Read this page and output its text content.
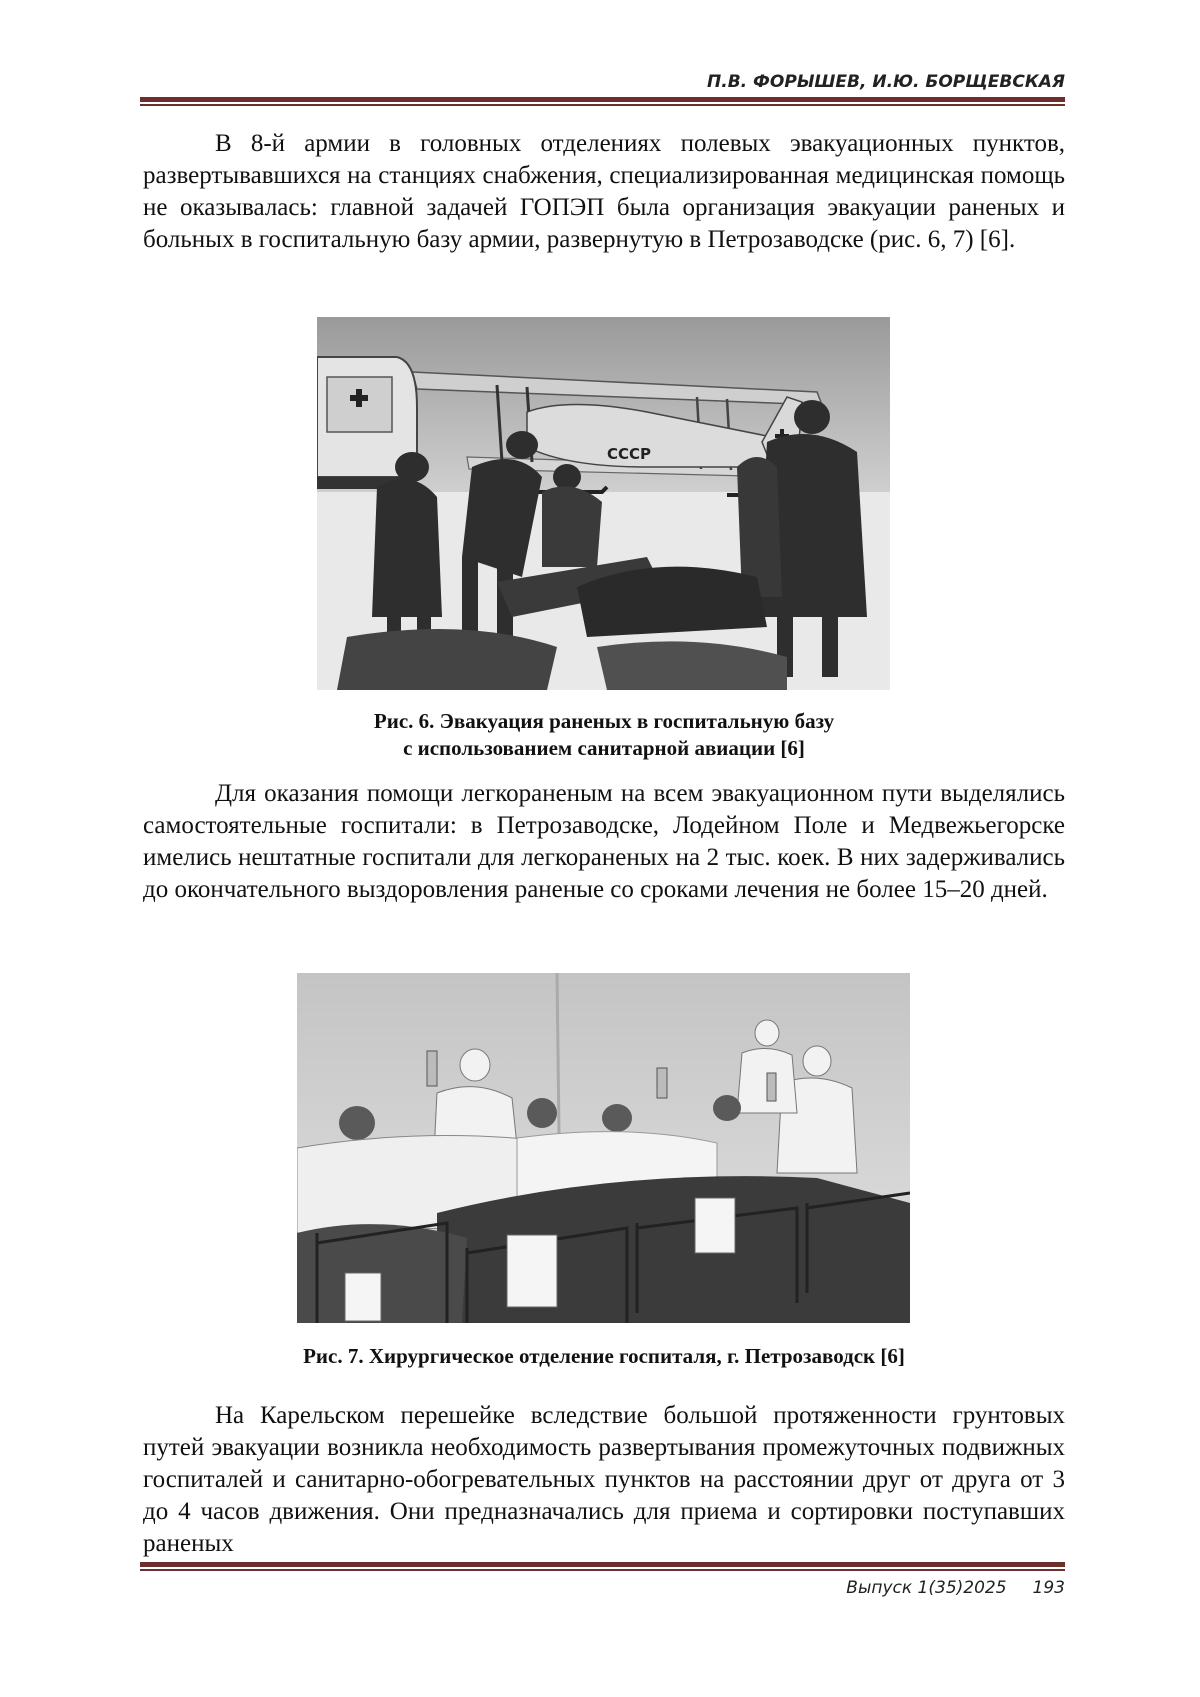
П.В. ФОРЫШЕВ, И.Ю. БОРЩЕВСКАЯ

В 8-й армии в головных отделениях полевых эвакуационных пунктов, развертывавшихся на станциях снабжения, специализированная медицинская помощь не оказывалась: главной задачей ГОПЭП была организация эвакуации раненых и больных в госпитальную базу армии, развернутую в Петрозаводске (рис. 6, 7) [6].

СССР
Рис. 6. Эвакуация раненых в госпитальную базу
с использованием санитарной авиации [6]

Для оказания помощи легкораненым на всем эвакуационном пути выделялись самостоятельные госпитали: в Петрозаводске, Лодейном Поле и Медвежьегорске имелись нештатные госпитали для легкораненых на 2 тыс. коек. В них задерживались до окончательного выздоровления раненые со сроками лечения не более 15–20 дней.

Рис. 7. Хирургическое отделение госпиталя, г. Петрозаводск [6]

На Карельском перешейке вследствие большой протяженности грунтовых путей эвакуации возникла необходимость развертывания промежуточных подвижных госпиталей и санитарно-обогревательных пунктов на расстоянии друг от друга от 3 до 4 часов движения. Они предназначались для приема и сортировки поступавших раненых

Выпуск 1(35)2025 193
